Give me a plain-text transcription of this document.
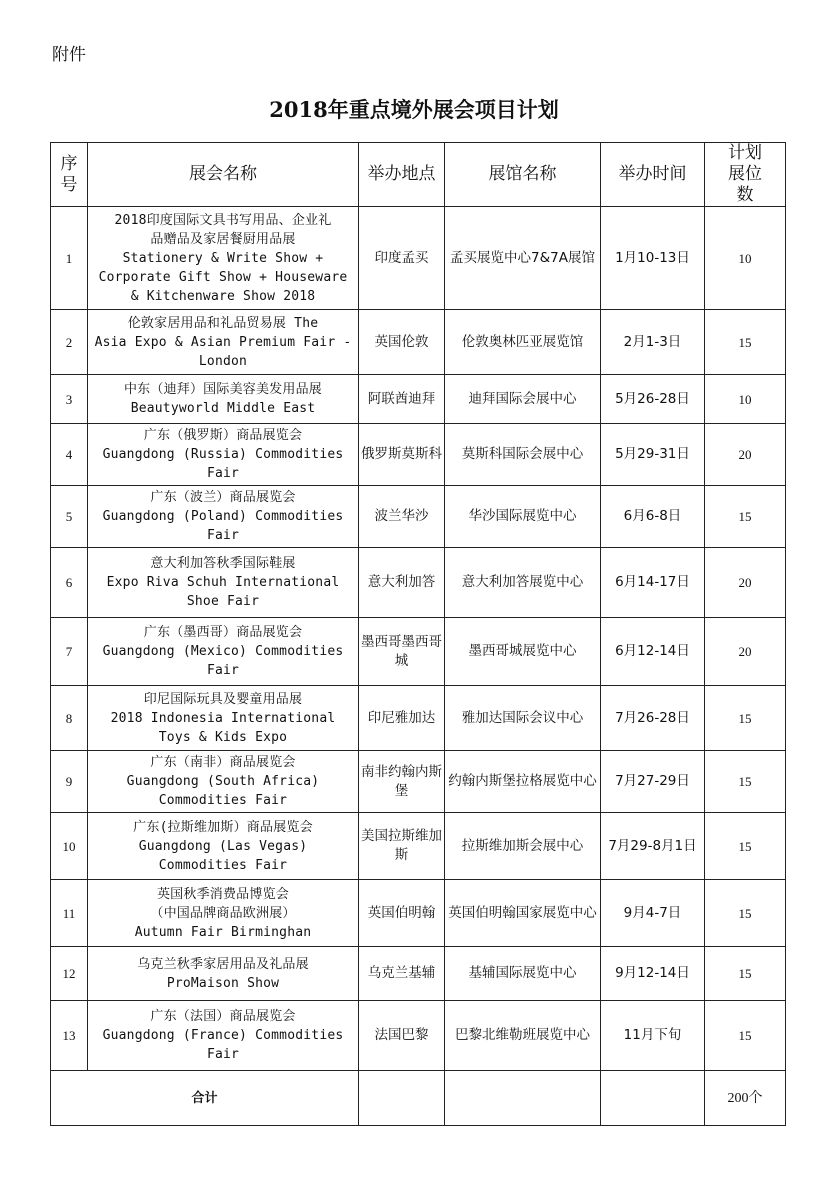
附件
2018年重点境外展会项目计划
序号	展会名称	举办地点	展馆名称	举办时间	计划展位数
1	2018印度国际文具书写用品、企业礼
品赠品及家居餐厨用品展
Stationery & Write Show +
Corporate Gift Show + Houseware
& Kitchenware Show 2018	印度孟买	孟买展览中心7&7A展馆	1月10-13日	10
2	伦敦家居用品和礼品贸易展 The
Asia Expo & Asian Premium Fair -
London	英国伦敦	伦敦奥林匹亚展览馆	2月1-3日	15
3	中东（迪拜）国际美容美发用品展
Beautyworld Middle East	阿联酋迪拜	迪拜国际会展中心	5月26-28日	10
4	广东（俄罗斯）商品展览会
Guangdong (Russia) Commodities
Fair	俄罗斯莫斯科	莫斯科国际会展中心	5月29-31日	20
5	广东（波兰）商品展览会
Guangdong (Poland) Commodities
Fair	波兰华沙	华沙国际展览中心	6月6-8日	15
6	意大利加答秋季国际鞋展
Expo Riva Schuh International
Shoe Fair	意大利加答	意大利加答展览中心	6月14-17日	20
7	广东（墨西哥）商品展览会
Guangdong (Mexico) Commodities
Fair	墨西哥墨西哥城	墨西哥城展览中心	6月12-14日	20
8	印尼国际玩具及婴童用品展
2018 Indonesia International
Toys & Kids Expo	印尼雅加达	雅加达国际会议中心	7月26-28日	15
9	广东（南非）商品展览会
Guangdong (South Africa)
Commodities Fair	南非约翰内斯堡	约翰内斯堡拉格展览中心	7月27-29日	15
10	广东(拉斯维加斯）商品展览会
Guangdong (Las Vegas)
Commodities Fair	美国拉斯维加斯	拉斯维加斯会展中心	7月29-8月1日	15
11	英国秋季消费品博览会
（中国品牌商品欧洲展）
Autumn Fair Birminghan	英国伯明翰	英国伯明翰国家展览中心	9月4-7日	15
12	乌克兰秋季家居用品及礼品展
ProMaison Show	乌克兰基辅	基辅国际展览中心	9月12-14日	15
13	广东（法国）商品展览会
Guangdong (France) Commodities
Fair	法国巴黎	巴黎北维勒班展览中心	11月下旬	15
合计					200个
